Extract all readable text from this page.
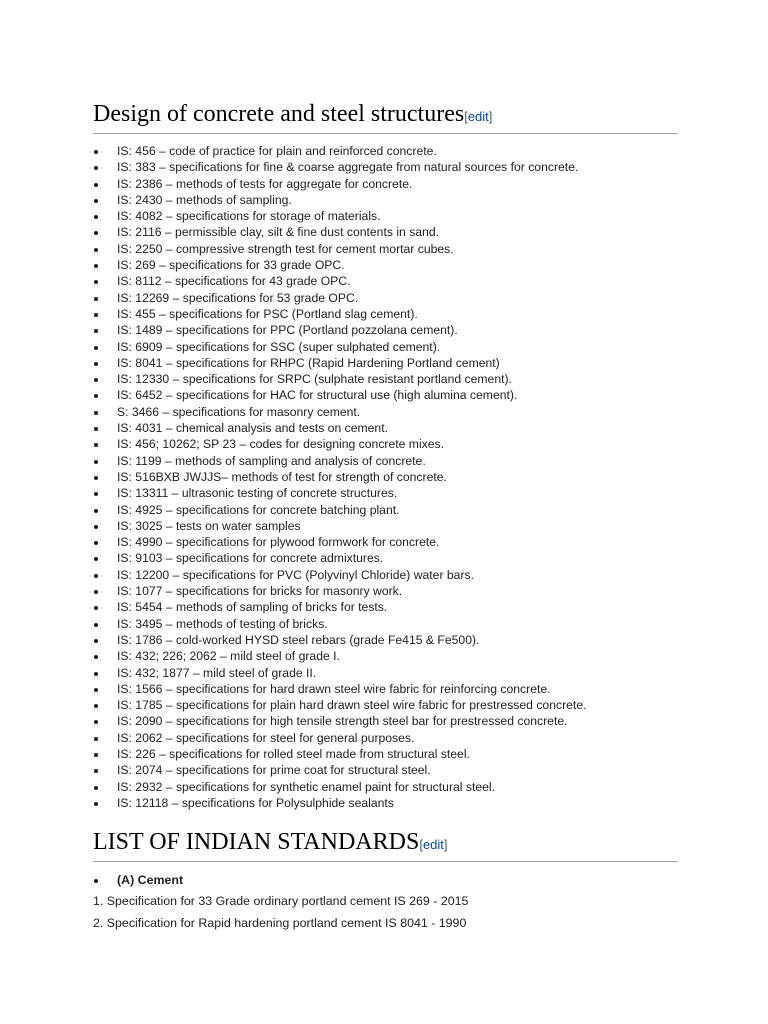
Design of concrete and steel structures[edit]
IS: 456 – code of practice for plain and reinforced concrete.
IS: 383 – specifications for fine & coarse aggregate from natural sources for concrete.
IS: 2386 – methods of tests for aggregate for concrete.
IS: 2430 – methods of sampling.
IS: 4082 – specifications for storage of materials.
IS: 2116 – permissible clay, silt & fine dust contents in sand.
IS: 2250 – compressive strength test for cement mortar cubes.
IS: 269 – specifications for 33 grade OPC.
IS: 8112 – specifications for 43 grade OPC.
IS: 12269 – specifications for 53 grade OPC.
IS: 455 – specifications for PSC (Portland slag cement).
IS: 1489 – specifications for PPC (Portland pozzolana cement).
IS: 6909 – specifications for SSC (super sulphated cement).
IS: 8041 – specifications for RHPC (Rapid Hardening Portland cement)
IS: 12330 – specifications for SRPC (sulphate resistant portland cement).
IS: 6452 – specifications for HAC for structural use (high alumina cement).
S: 3466 – specifications for masonry cement.
IS: 4031 – chemical analysis and tests on cement.
IS: 456; 10262; SP 23 – codes for designing concrete mixes.
IS: 1199 – methods of sampling and analysis of concrete.
IS: 516BXB JWJJS– methods of test for strength of concrete.
IS: 13311 – ultrasonic testing of concrete structures.
IS: 4925 – specifications for concrete batching plant.
IS: 3025 – tests on water samples
IS: 4990 – specifications for plywood formwork for concrete.
IS: 9103 – specifications for concrete admixtures.
IS: 12200 – specifications for PVC (Polyvinyl Chloride) water bars.
IS: 1077 – specifications for bricks for masonry work.
IS: 5454 – methods of sampling of bricks for tests.
IS: 3495 – methods of testing of bricks.
IS: 1786 – cold-worked HYSD steel rebars (grade Fe415 & Fe500).
IS: 432; 226; 2062 – mild steel of grade I.
IS: 432; 1877 – mild steel of grade II.
IS: 1566 – specifications for hard drawn steel wire fabric for reinforcing concrete.
IS: 1785 – specifications for plain hard drawn steel wire fabric for prestressed concrete.
IS: 2090 – specifications for high tensile strength steel bar for prestressed concrete.
IS: 2062 – specifications for steel for general purposes.
IS: 226 – specifications for rolled steel made from structural steel.
IS: 2074 – specifications for prime coat for structural steel.
IS: 2932 – specifications for synthetic enamel paint for structural steel.
IS: 12118 – specifications for Polysulphide sealants
LIST OF INDIAN STANDARDS[edit]
(A) Cement
1. Specification for 33 Grade ordinary portland cement IS 269 - 2015
2. Specification for Rapid hardening portland cement IS 8041 - 1990
